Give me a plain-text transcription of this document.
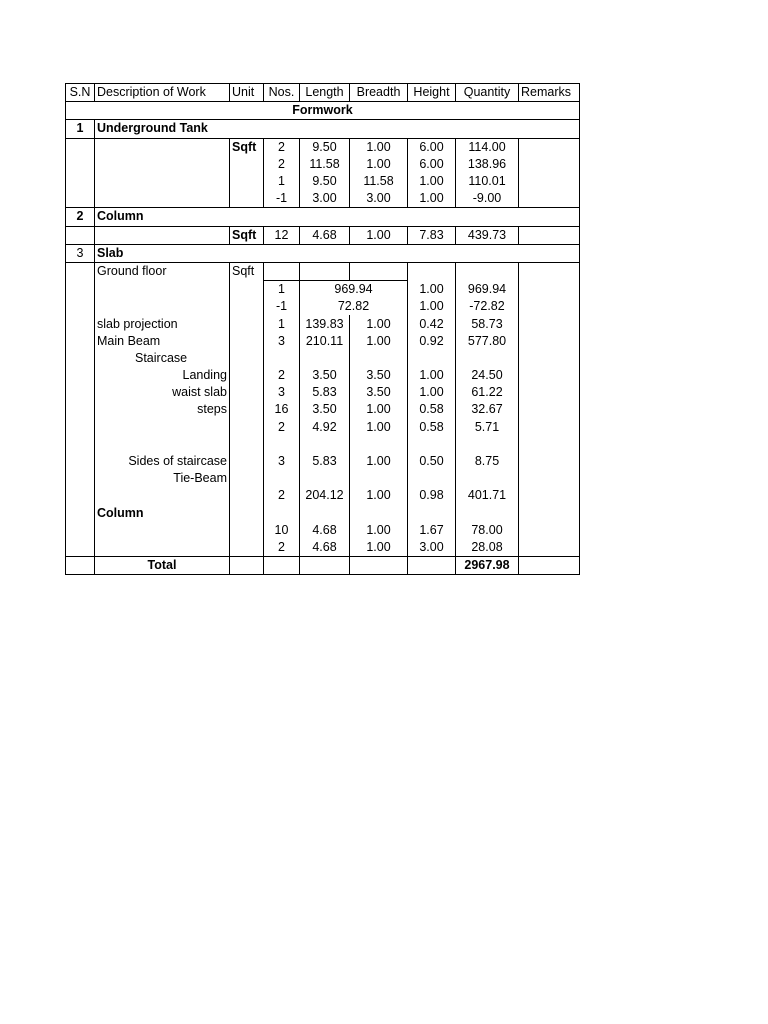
S.N	Description of Work	Unit	Nos.	Length	Breadth	Height	Quantity	Remarks
Formwork								
1	Underground Tank							
		Sqft	2	9.50	1.00	6.00	114.00	
			2	11.58	1.00	6.00	138.96	
			1	9.50	11.58	1.00	110.01	
			-1	3.00	3.00	1.00	-9.00	
2	Column							
		Sqft	12	4.68	1.00	7.83	439.73	
3	Slab							
	Ground floor	Sqft						
			1	969.94		1.00	969.94	
			-1	72.82		1.00	-72.82	
	slab projection		1	139.83	1.00	0.42	58.73	
	Main Beam		3	210.11	1.00	0.92	577.80	
	Staircase							
	Landing		2	3.50	3.50	1.00	24.50	
	waist slab		3	5.83	3.50	1.00	61.22	
	steps		16	3.50	1.00	0.58	32.67	
			2	4.92	1.00	0.58	5.71	

	Sides of staircase		3	5.83	1.00	0.50	8.75	
	Tie-Beam							
			2	204.12	1.00	0.98	401.71	
	Column							
			10	4.68	1.00	1.67	78.00	
			2	4.68	1.00	3.00	28.08	
	Total						2967.98	
